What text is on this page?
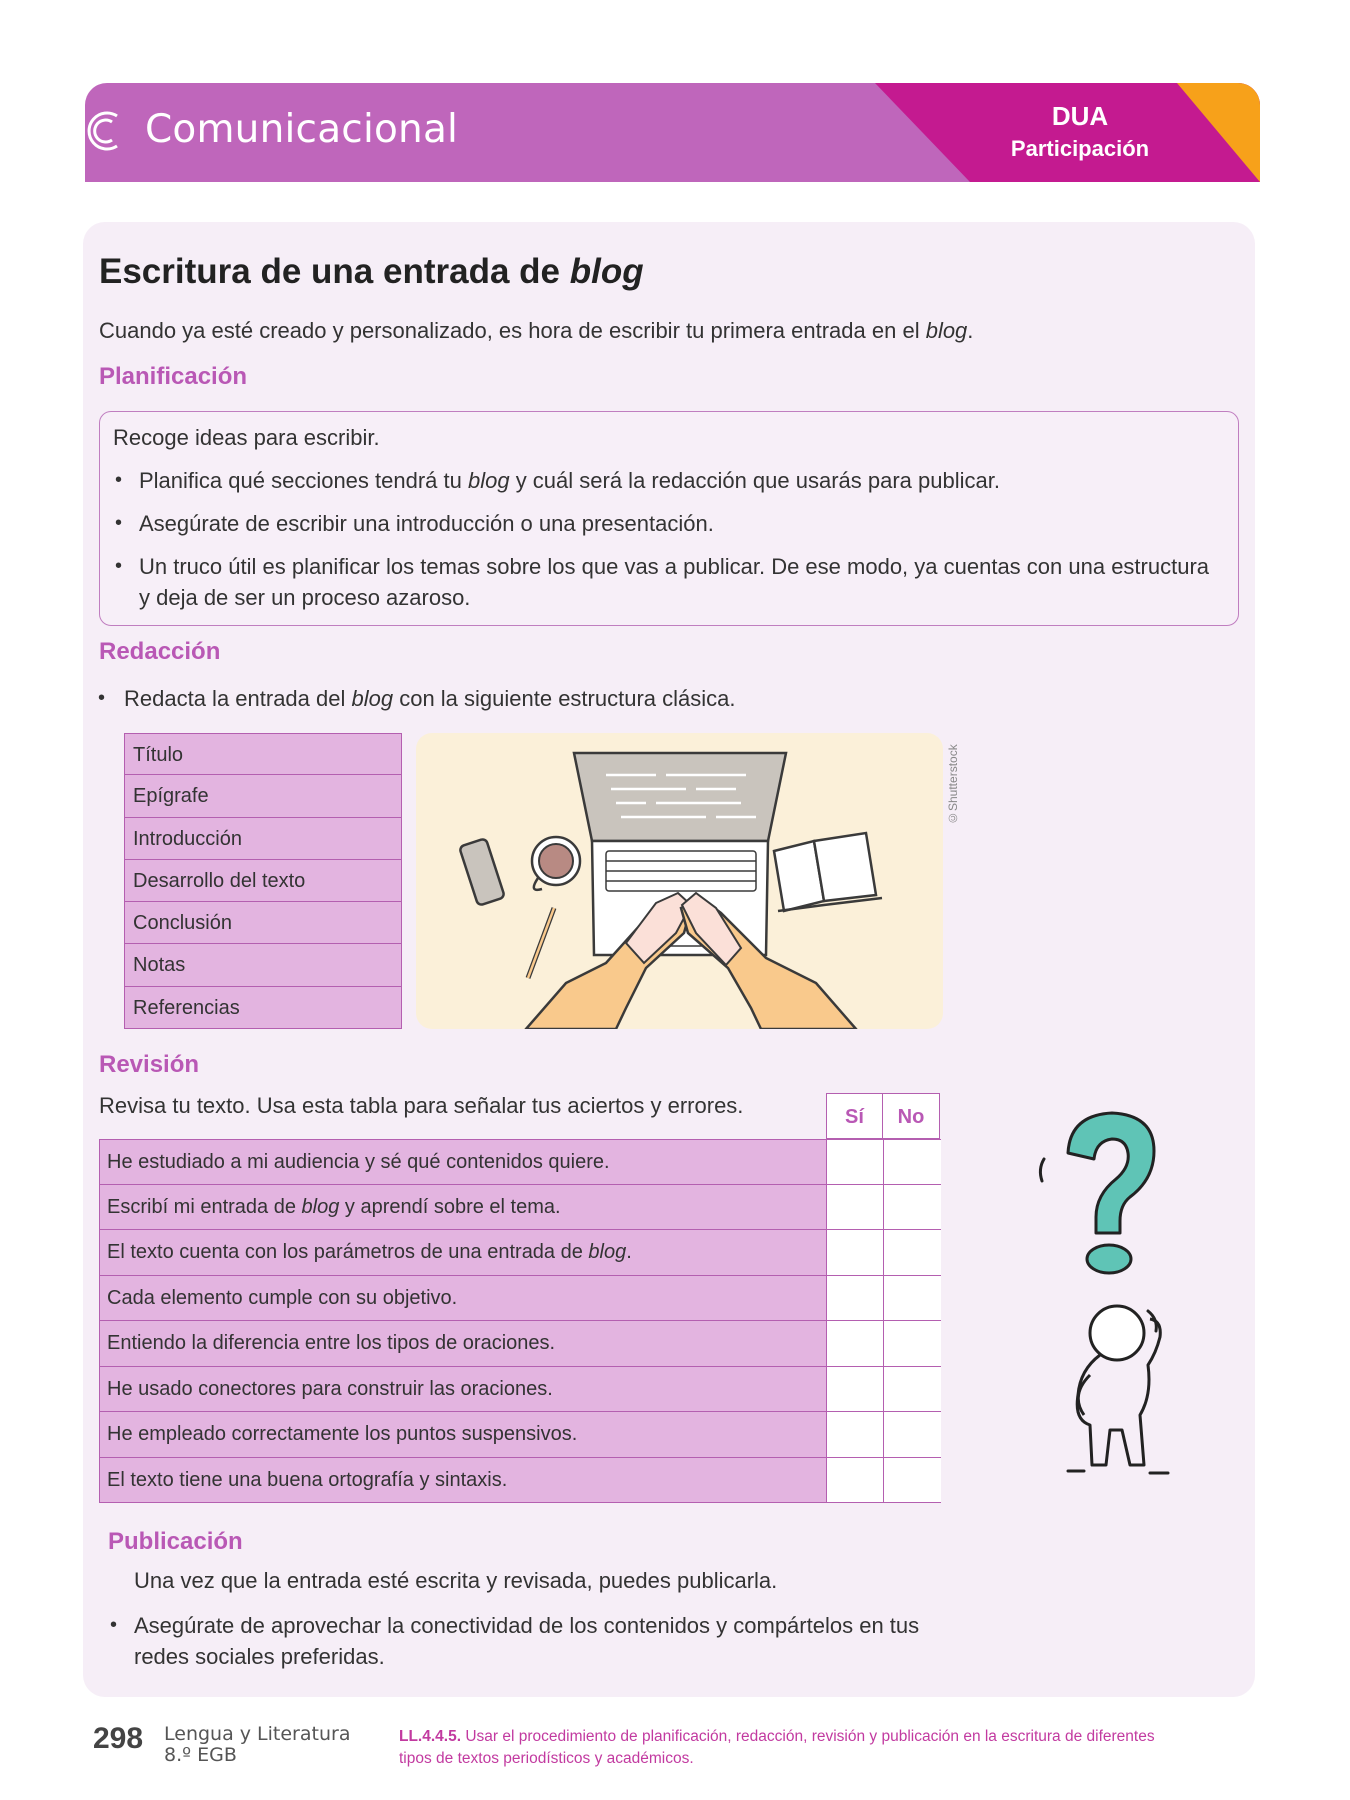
Comunicacional	DUA
Participación
Escritura de una entrada de blog
Cuando ya esté creado y personalizado, es hora de escribir tu primera entrada en el blog.
Planificación
Recoge ideas para escribir.
• Planifica qué secciones tendrá tu blog y cuál será la redacción que usarás para publicar.
• Asegúrate de escribir una introducción o una presentación.
• Un truco útil es planificar los temas sobre los que vas a publicar. De ese modo, ya cuentas con una estructura
y deja de ser un proceso azaroso.
Redacción
• Redacta la entrada del blog con la siguiente estructura clásica.
Título
Epígrafe
Introducción
Desarrollo del texto
Conclusión
Notas
Referencias
©Shutterstock
Revisión
Revisa tu texto. Usa esta tabla para señalar tus aciertos y errores.	Sí	No
He estudiado a mi audiencia y sé qué contenidos quiere.
Escribí mi entrada de blog y aprendí sobre el tema.
El texto cuenta con los parámetros de una entrada de blog.
Cada elemento cumple con su objetivo.
Entiendo la diferencia entre los tipos de oraciones.
He usado conectores para construir las oraciones.
He empleado correctamente los puntos suspensivos.
El texto tiene una buena ortografía y sintaxis.
Publicación
Una vez que la entrada esté escrita y revisada, puedes publicarla.
• Asegúrate de aprovechar la conectividad de los contenidos y compártelos en tus
redes sociales preferidas.
298 Lengua y Literatura
8.º EGB
LL.4.4.5. Usar el procedimiento de planificación, redacción, revisión y publicación en la escritura de diferentes
tipos de textos periodísticos y académicos.
